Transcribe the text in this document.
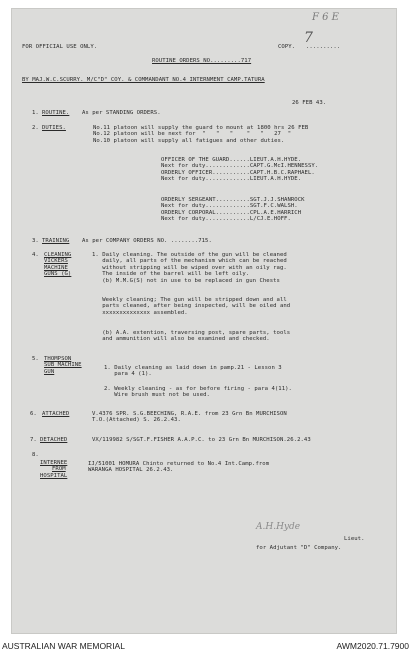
F 6 E
FOR OFFICIAL USE ONLY.	COPY. ..........
7
ROUTINE ORDERS NO.........717
BY MAJ.W.C.SCURRY. M/C"D" COY. & COMMANDANT NO.4 INTERNMENT CAMP.TATURA
26 FEB 43.
1. ROUTINE. As per STANDING ORDERS.
2. DUTIES.	No.11 platoon will supply the guard to mount at 1800 hrs 26 FEB
No.12 platoon will be next for  "   "   "    "   "   27  "
No.10 platoon will supply all fatigues and other duties.
OFFICER OF THE GUARD......LIEUT.A.H.HYDE.
Next for duty.............CAPT.G.McI.HENNESSY.
ORDERLY OFFICER...........CAPT.H.B.C.RAPHAEL.
Next for duty.............LIEUT.A.H.HYDE.
ORDERLY SERGEANT..........SGT.J.J.SHANROCK
Next for duty.............SGT.F.C.WALSH.
ORDERLY CORPORAL..........CPL.A.E.HARRICH
Next for duty.............L/CJ.E.HOFF.
3. TRAINING As per COMPANY ORDERS NO. ........715.
4. CLEANING
VICKERS
MACHINE
GUNS (G)
1. Daily cleaning. The outside of the gun will be cleaned
daily, all parts of the mechanism which can be reached
without stripping will be wiped over with an oily rag.
The inside of the barrel will be left oily.
(b) M.M.G(S) not in use to be replaced in gun Chests
Weekly cleaning; The gun will be stripped down and all
parts cleaned, after being inspected, will be oiled and
xxxxxxxxxxxxxx assembled.
(b) A.A. extention, traversing post, spare parts, tools
and ammunition will also be examined and checked.
5. THOMPSON
SUB MACHINE
GUN
1. Daily cleaning as laid down in pamp.21 - Lesson 3
para 4 (1).
2. Weekly cleaning - as for before firing - para 4(11).
Wire brush must not be used.
6. ATTACHED	V.4376 SPR. S.G.BEECHING, R.A.E. from 23 Grn Bn MURCHISON
T.O.(Attached) S. 26.2.43.
7. DETACHED	VX/119982 S/SGT.F.FISHER A.A.P.C. to 23 Grn Bn MURCHISON.26.2.43
8.
INTERNEE
FROM
HOSPITAL
IJ/51001 HOMURA Chinto returned to No.4 Int.Camp.from
WARANGA HOSPITAL 26.2.43.
A.H.Hyde
Lieut.
for Adjutant "D" Company.
AUSTRALIAN WAR MEMORIAL	AWM2020.71.7900
